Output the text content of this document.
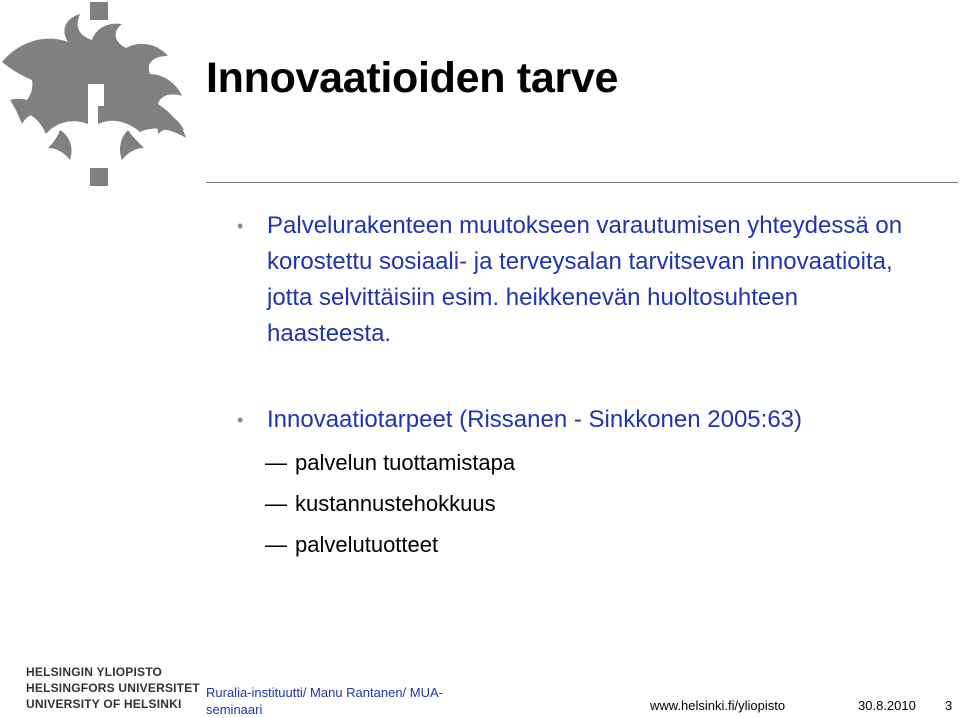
Innovaatioiden tarve
• Palvelurakenteen muutokseen varautumisen yhteydessä on korostettu sosiaali- ja terveysalan tarvitsevan innovaatioita, jotta selvittäisiin esim. heikkenevän huoltosuhteen haasteesta.
• Innovaatiotarpeet (Rissanen - Sinkkonen 2005:63)
— palvelun tuottamistapa
— kustannustehokkuus
— palvelutuotteet
HELSINGIN YLIOPISTO
HELSINGFORS UNIVERSITET
UNIVERSITY OF HELSINKI
Ruralia-instituutti/ Manu Rantanen/ MUA-seminaari	www.helsinki.fi/yliopisto	30.8.2010 3
